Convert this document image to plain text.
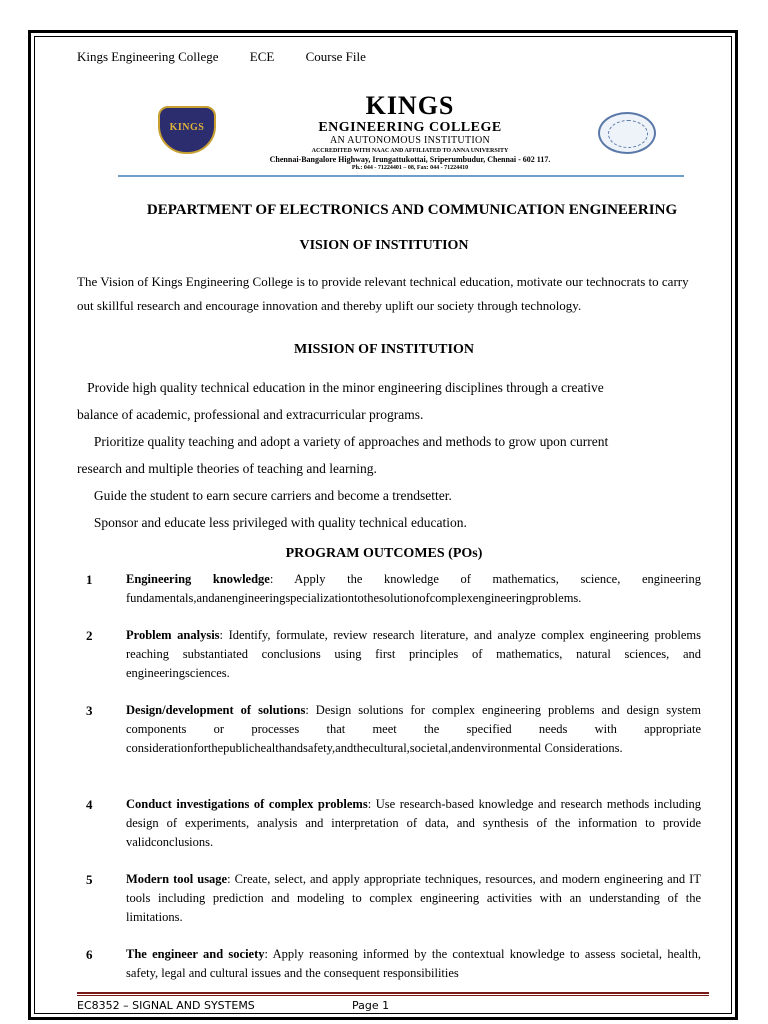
Kings Engineering College ECE Course File
KINGS
KINGS
ENGINEERING COLLEGE
AN AUTONOMOUS INSTITUTION
ACCREDITED WITH NAAC AND AFFILIATED TO ANNA UNIVERSITY
Chennai-Bangalore Highway, Irungattukottai, Sriperumbudur, Chennai - 602 117.
Ph.: 044 - 71224401 – 08, Fax: 044 - 71224410
DEPARTMENT OF ELECTRONICS AND COMMUNICATION ENGINEERING
VISION OF INSTITUTION
The Vision of Kings Engineering College is to provide relevant technical education, motivate our technocrats to carry out skillful research and encourage innovation and thereby uplift our society through technology.
MISSION OF INSTITUTION
Provide high quality technical education in the minor engineering disciplines through a creative
balance of academic, professional and extracurricular programs.
Prioritize quality teaching and adopt a variety of approaches and methods to grow upon current
research and multiple theories of teaching and learning.
Guide the student to earn secure carriers and become a trendsetter.
Sponsor and educate less privileged with quality technical education.
PROGRAM OUTCOMES (POs)
1	Engineering knowledge: Apply the knowledge of mathematics, science, engineering fundamentals,andanengineeringspecializationtothesolutionofcomplexengineeringproblems.
2	Problem analysis: Identify, formulate, review research literature, and analyze complex engineering problems reaching substantiated conclusions using first principles of mathematics, natural sciences, and engineeringsciences.
3	Design/development of solutions: Design solutions for complex engineering problems and design system components or processes that meet the specified needs with appropriate considerationforthepublichealthandsafety,andthecultural,societal,andenvironmental Considerations.
4	Conduct investigations of complex problems: Use research-based knowledge and research methods including design of experiments, analysis and interpretation of data, and synthesis of the information to provide validconclusions.
5	Modern tool usage: Create, select, and apply appropriate techniques, resources, and modern engineering and IT tools including prediction and modeling to complex engineering activities with an understanding of the limitations.
6	The engineer and society: Apply reasoning informed by the contextual knowledge to assess societal, health, safety, legal and cultural issues and the consequent responsibilities
EC8352 – SIGNAL AND SYSTEMS	Page 1
